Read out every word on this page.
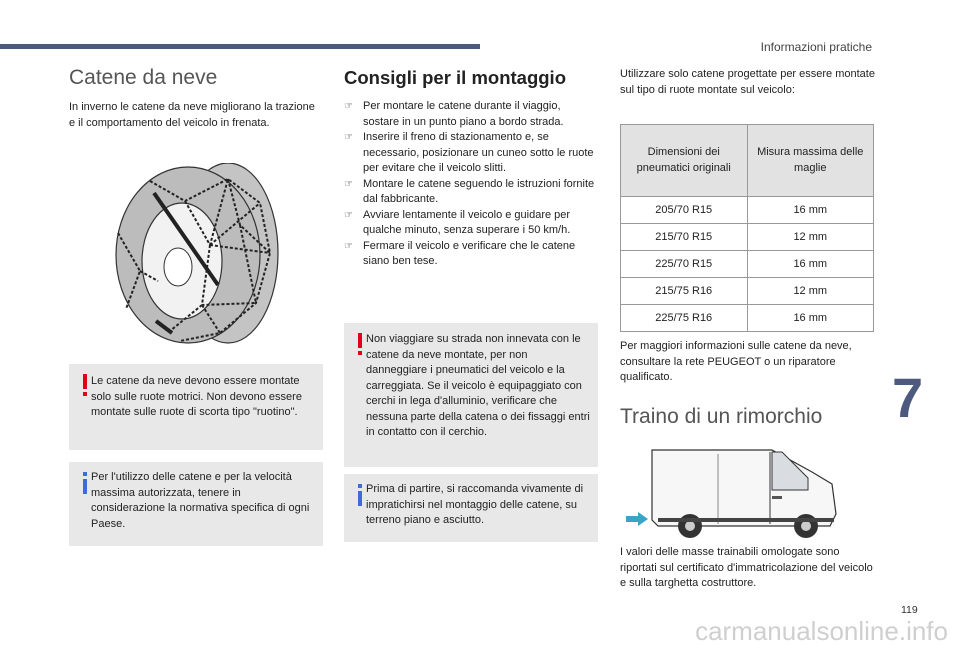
Informazioni pratiche
Catene da neve

In inverno le catene da neve migliorano la trazione e il comportamento del veicolo in frenata.

Le catene da neve devono essere montate solo sulle ruote motrici. Non devono essere montate sulle ruote di scorta tipo "ruotino".
Per l'utilizzo delle catene e per la velocità massima autorizzata, tenere in considerazione la normativa specifica di ogni Paese.
Consigli per il montaggio
☞ Per montare le catene durante il viaggio, sostare in un punto piano a bordo strada.
☞ Inserire il freno di stazionamento e, se necessario, posizionare un cuneo sotto le ruote per evitare che il veicolo slitti.
☞ Montare le catene seguendo le istruzioni fornite dal fabbricante.
☞ Avviare lentamente il veicolo e guidare per qualche minuto, senza superare i 50 km/h.
☞ Fermare il veicolo e verificare che le catene siano ben tese.
Non viaggiare su strada non innevata con le catene da neve montate, per non danneggiare i pneumatici del veicolo e la carreggiata. Se il veicolo è equipaggiato con cerchi in lega d'alluminio, verificare che nessuna parte della catena o dei fissaggi entri in contatto con il cerchio.
Prima di partire, si raccomanda vivamente di impratichirsi nel montaggio delle catene, su terreno piano e asciutto.

Utilizzare solo catene progettate per essere montate sul tipo di ruote montate sul veicolo:

Dimensioni dei pneumatici originali	Misura massima delle maglie
205/70 R15	16 mm
215/70 R15	12 mm
225/70 R15	16 mm
215/75 R16	12 mm
225/75 R16	16 mm

Per maggiori informazioni sulle catene da neve, consultare la rete PEUGEOT o un riparatore qualificato.

Traino di un rimorchio

I valori delle masse trainabili omologate sono riportati sul certificato d'immatricolazione del veicolo e sulla targhetta costruttore.

7
119
carmanualsonline.info
